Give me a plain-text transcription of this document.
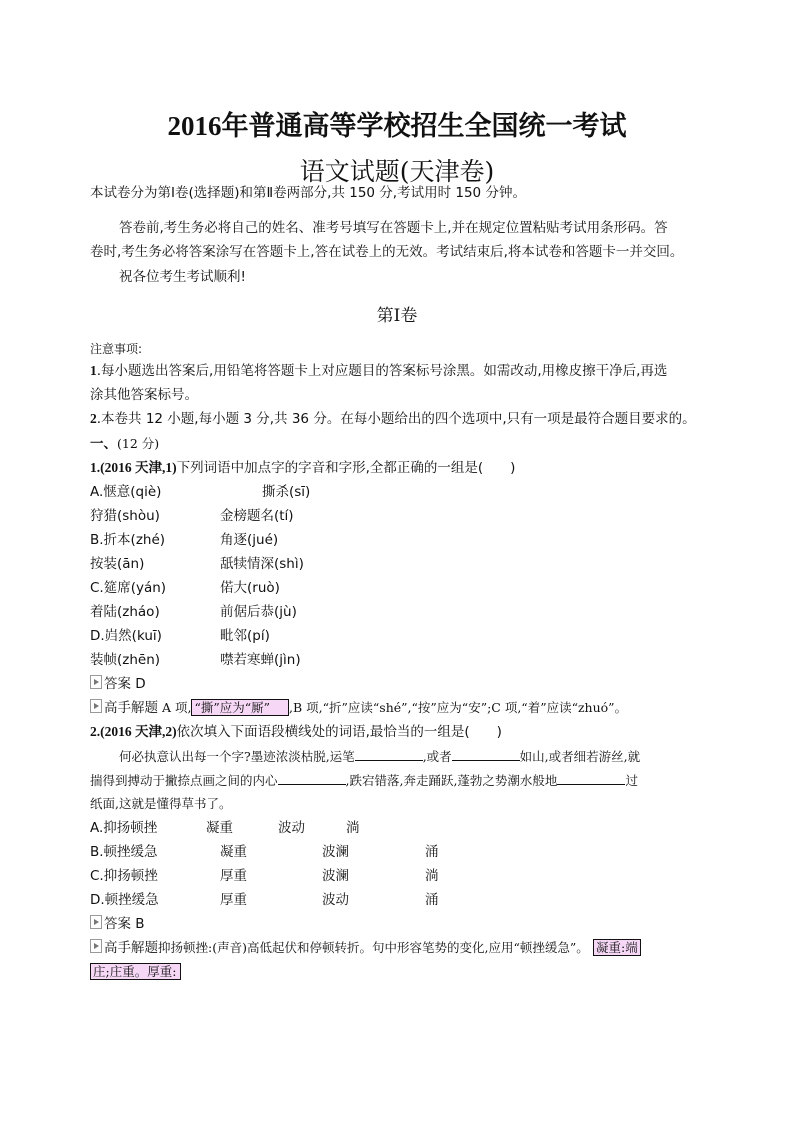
2016年普通高等学校招生全国统一考试
语文试题(天津卷)
本试卷分为第Ⅰ卷(选择题)和第Ⅱ卷两部分,共 150 分,考试用时 150 分钟。
答卷前,考生务必将自己的姓名、准考号填写在答题卡上,并在规定位置粘贴考试用条形码。答
卷时,考生务必将答案涂写在答题卡上,答在试卷上的无效。考试结束后,将本试卷和答题卡一并交回。
祝各位考生考试顺利!
第Ⅰ卷
注意事项:
1.每小题选出答案后,用铅笔将答题卡上对应题目的答案标号涂黑。如需改动,用橡皮擦干净后,再选
涂其他答案标号。
2.本卷共 12 小题,每小题 3 分,共 36 分。在每小题给出的四个选项中,只有一项是最符合题目要求的。
一、(12 分)
1.(2016 天津,1)下列词语中加点字的字音和字形,全都正确的一组是(　　)
A.惬意(qiè)	撕杀(sī)
狩猎(shòu)	金榜题名(tí)
B.折本(zhé)	角逐(jué)
按装(ān)	舐犊情深(shì)
C.筵席(yán)	偌大(ruò)
着陆(zháo)	前倨后恭(jù)
D.岿然(kuī)	毗邻(pí)
装帧(zhēn)	噤若寒蝉(jìn)
答案 D
高手解题 A 项, “撕”应为“厮” ,B 项,“折”应读“shé”,“按”应为“安”;C 项,“着”应读“zhuó”。
2.(2016 天津,2)依次填入下面语段横线处的词语,最恰当的一组是(　　)
何必执意认出每一个字?墨迹浓淡枯脱,运笔	,或者	如山,或者细若游丝,就
揣得到搏动于撇捺点画之间的内心	,跌宕错落,奔走踊跃,蓬勃之势潮水般地	过
纸面,这就是懂得草书了。
A.抑扬顿挫	凝重	波动	淌
B.顿挫缓急	凝重	波澜	涌
C.抑扬顿挫	厚重	波澜	淌
D.顿挫缓急	厚重	波动	涌
答案 B
高手解题抑扬顿挫:(声音)高低起伏和停顿转折。句中形容笔势的变化,应用“顿挫缓急”。 凝重:端
庄;庄重。厚重:
